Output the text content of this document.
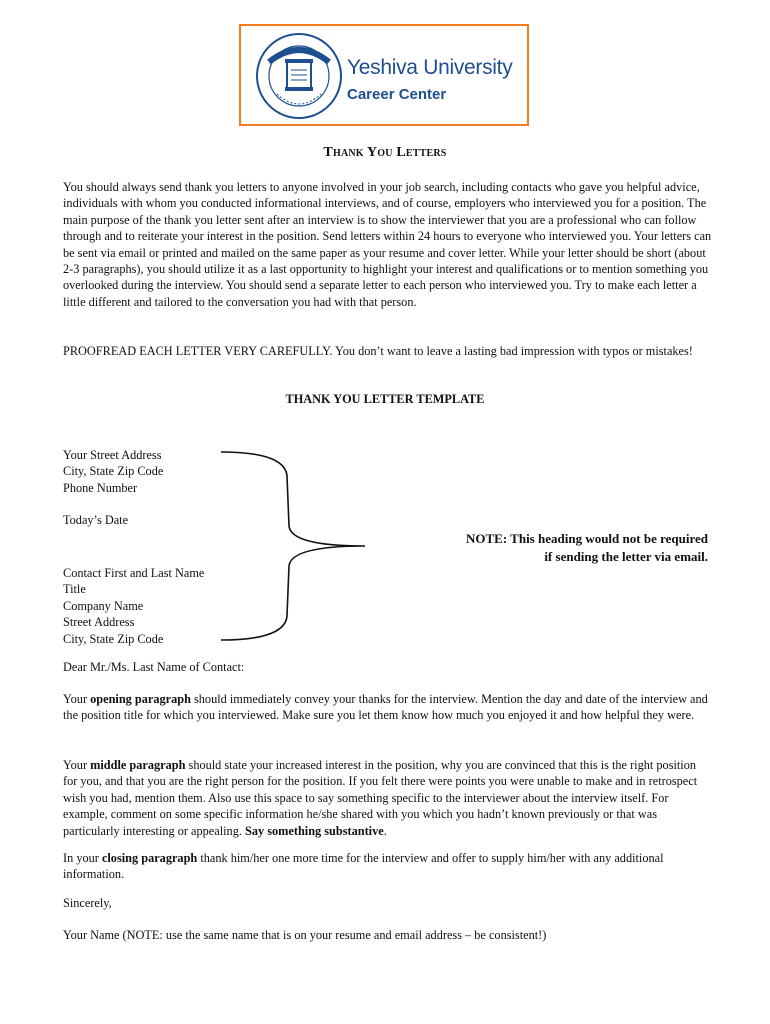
Yeshiva University
Career Center
Thank You Letters

You should always send thank you letters to anyone involved in your job search, including contacts who gave you helpful advice, individuals with whom you conducted informational interviews, and of course, employers who interviewed you for a position. The main purpose of the thank you letter sent after an interview is to show the interviewer that you are a professional who can follow through and to reiterate your interest in the position. Send letters within 24 hours to everyone who interviewed you. Your letters can be sent via email or printed and mailed on the same paper as your resume and cover letter. While your letter should be short (about 2-3 paragraphs), you should utilize it as a last opportunity to highlight your interest and qualifications or to mention something you overlooked during the interview. You should send a separate letter to each person who interviewed you. Try to make each letter a little different and tailored to the conversation you had with that person.

PROOFREAD EACH LETTER VERY CAREFULLY. You don’t want to leave a lasting bad impression with typos or mistakes!

THANK YOU LETTER TEMPLATE
Your Street Address
City, State Zip Code
Phone Number
Today’s Date
Contact First and Last Name
Title
Company Name
Street Address
City, State Zip Code
NOTE: This heading would not be required
if sending the letter via email.
Dear Mr./Ms. Last Name of Contact:
Your opening paragraph should immediately convey your thanks for the interview. Mention the day and date of the interview and the position title for which you interviewed. Make sure you let them know how much you enjoyed it and how helpful they were.
Your middle paragraph should state your increased interest in the position, why you are convinced that this is the right position for you, and that you are the right person for the position. If you felt there were points you were unable to make and in retrospect wish you had, mention them. Also use this space to say something specific to the interviewer about the interview itself. For example, comment on some specific information he/she shared with you which you hadn’t known previously or that was particularly interesting or appealing. Say something substantive.
In your closing paragraph thank him/her one more time for the interview and offer to supply him/her with any additional information.
Sincerely,
Your Name (NOTE: use the same name that is on your resume and email address – be consistent!)
